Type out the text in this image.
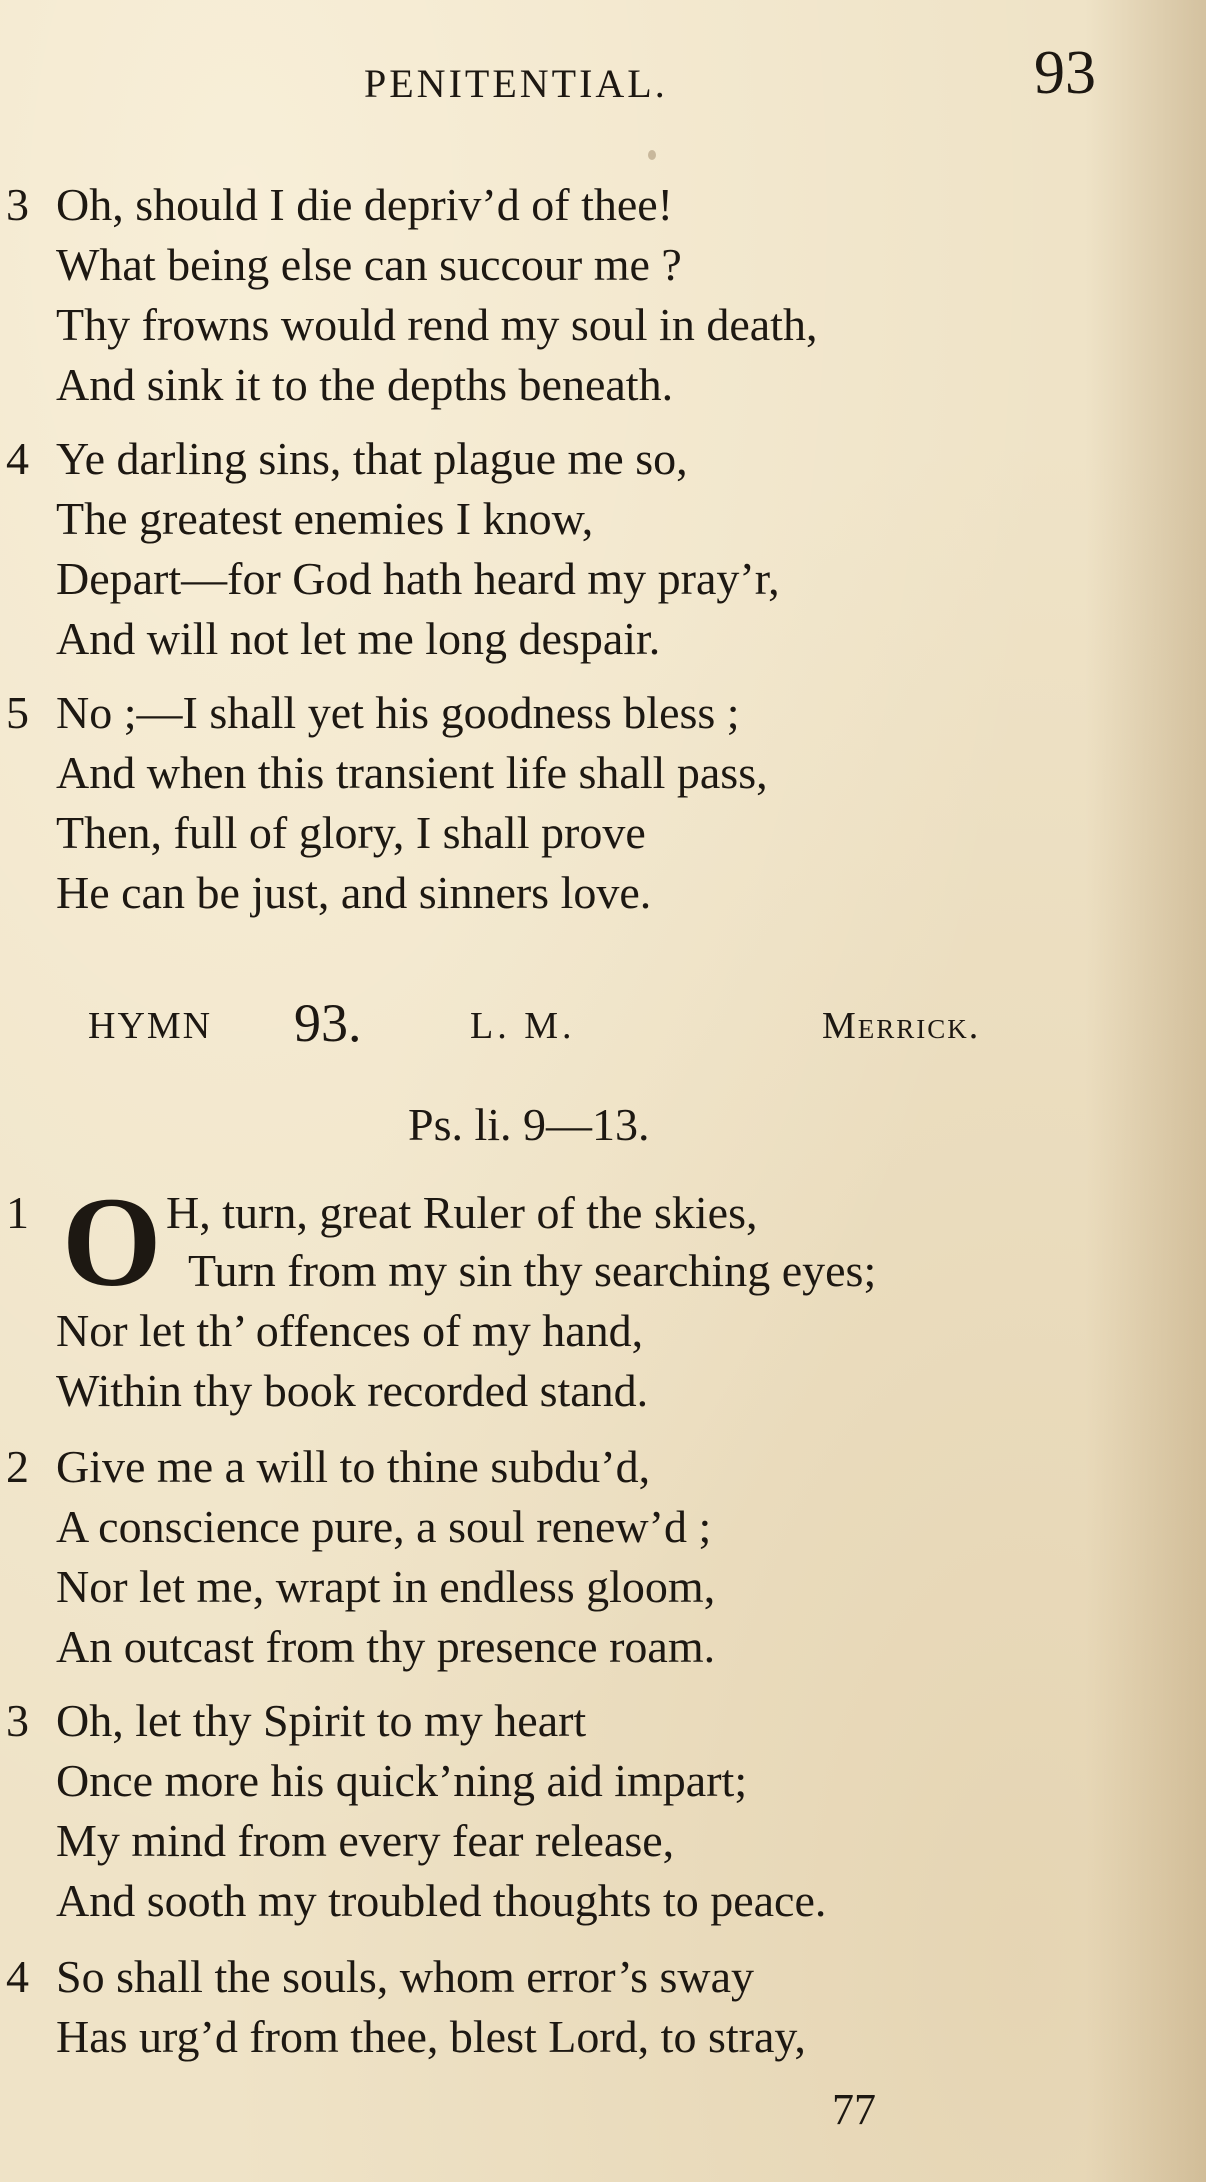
PENITENTIAL.	93
3 Oh, should I die depriv’d of thee!
What being else can succour me ?
Thy frowns would rend my soul in death,
And sink it to the depths beneath.
4 Ye darling sins, that plague me so,
The greatest enemies I know,
Depart—for God hath heard my pray’r,
And will not let me long despair.
5 No ;—I shall yet his goodness bless ;
And when this transient life shall pass,
Then, full of glory, I shall prove
He can be just, and sinners love.
HYMN 93.	L. M.	Merrick.
Ps. li. 9—13.
1 O H, turn, great Ruler of the skies,
Turn from my sin thy searching eyes;
Nor let th’ offences of my hand,
Within thy book recorded stand.
2 Give me a will to thine subdu’d,
A conscience pure, a soul renew’d ;
Nor let me, wrapt in endless gloom,
An outcast from thy presence roam.
3 Oh, let thy Spirit to my heart
Once more his quick’ning aid impart;
My mind from every fear release,
And sooth my troubled thoughts to peace.
4 So shall the souls, whom error’s sway
Has urg’d from thee, blest Lord, to stray,
77
